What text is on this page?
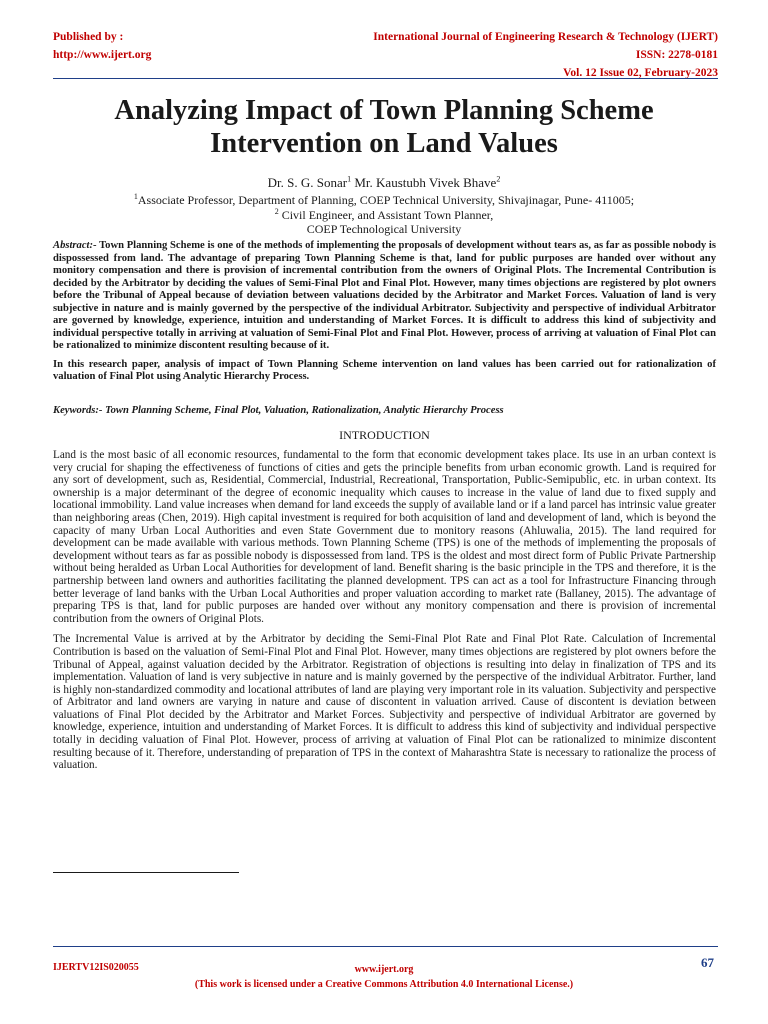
Published by :
http://www.ijert.org
International Journal of Engineering Research & Technology (IJERT)
ISSN: 2278-0181
Vol. 12 Issue 02, February-2023
Analyzing Impact of Town Planning Scheme
Intervention on Land Values
Dr. S. G. Sonar$^1$ Mr. Kaustubh Vivek Bhave$^2$
$^1$Associate Professor, Department of Planning, COEP Technical University, Shivajinagar, Pune- 411005;
$^2$ Civil Engineer, and Assistant Town Planner,
COEP Technological University

Abstract:- Town Planning Scheme is one of the methods of implementing the proposals of development without tears as, as far as possible nobody is dispossessed from land. The advantage of preparing Town Planning Scheme is that, land for public purposes are handed over without any monitory compensation and there is provision of incremental contribution from the owners of Original Plots. The Incremental Contribution is decided by the Arbitrator by deciding the values of Semi-Final Plot and Final Plot. However, many times objections are registered by plot owners before the Tribunal of Appeal because of deviation between valuations decided by the Arbitrator and Market Forces. Valuation of land is very subjective in nature and is mainly governed by the perspective of the individual Arbitrator. Subjectivity and perspective of individual Arbitrator are governed by knowledge, experience, intuition and understanding of Market Forces. It is difficult to address this kind of subjectivity and individual perspective totally in arriving at valuation of Semi-Final Plot and Final Plot. However, process of arriving at valuation of Final Plot can be rationalized to minimize discontent resulting because of it.

In this research paper, analysis of impact of Town Planning Scheme intervention on land values has been carried out for rationalization of valuation of Final Plot using Analytic Hierarchy Process.

Keywords:- Town Planning Scheme, Final Plot, Valuation, Rationalization, Analytic Hierarchy Process
INTRODUCTION

Land is the most basic of all economic resources, fundamental to the form that economic development takes place. Its use in an urban context is very crucial for shaping the effectiveness of functions of cities and gets the principle benefits from urban economic growth. Land is required for any sort of development, such as, Residential, Commercial, Industrial, Recreational, Transportation, Public-Semipublic, etc. in urban context. Its ownership is a major determinant of the degree of economic inequality which causes to increase in the value of land due to fixed supply and locational immobility. Land value increases when demand for land exceeds the supply of available land or if a land parcel has intrinsic value greater than neighboring areas (Chen, 2019). High capital investment is required for both acquisition of land and development of land, which is beyond the capacity of many Urban Local Authorities and even State Government due to monitory reasons (Ahluwalia, 2015). The land required for development can be made available with various methods. Town Planning Scheme (TPS) is one of the methods of implementing the proposals of development without tears as far as possible nobody is dispossessed from land. TPS is the oldest and most direct form of Public Private Partnership without being heralded as Urban Local Authorities for development of land. Benefit sharing is the basic principle in the TPS and therefore, it is the partnership between land owners and authorities facilitating the planned development. TPS can act as a tool for Infrastructure Financing through better leverage of land banks with the Urban Local Authorities and proper valuation according to market rate (Ballaney, 2015). The advantage of preparing TPS is that, land for public purposes are handed over without any monitory compensation and there is provision of incremental contribution from the owners of Original Plots.

The Incremental Value is arrived at by the Arbitrator by deciding the Semi-Final Plot Rate and Final Plot Rate. Calculation of Incremental Contribution is based on the valuation of Semi-Final Plot and Final Plot. However, many times objections are registered by plot owners before the Tribunal of Appeal, against valuation decided by the Arbitrator. Registration of objections is resulting into delay in finalization of TPS and its implementation. Valuation of land is very subjective in nature and is mainly governed by the perspective of the individual Arbitrator. Further, land is highly non-standardized commodity and locational attributes of land are playing very important role in its valuation. Subjectivity and perspective of Arbitrator and land owners are varying in nature and cause of discontent in valuation arrived. Cause of discontent is deviation between valuations of Final Plot decided by the Arbitrator and Market Forces. Subjectivity and perspective of individual Arbitrator are governed by knowledge, experience, intuition and understanding of Market Forces. It is difficult to address this kind of subjectivity and individual perspective totally in deciding valuation of Final Plot. However, process of arriving at valuation of Final Plot can be rationalized to minimize discontent resulting because of it. Therefore, understanding of preparation of TPS in the context of Maharashtra State is necessary to rationalize the process of valuation.

IJERTV12IS020055	www.ijert.org
(This work is licensed under a Creative Commons Attribution 4.0 International License.)
67
